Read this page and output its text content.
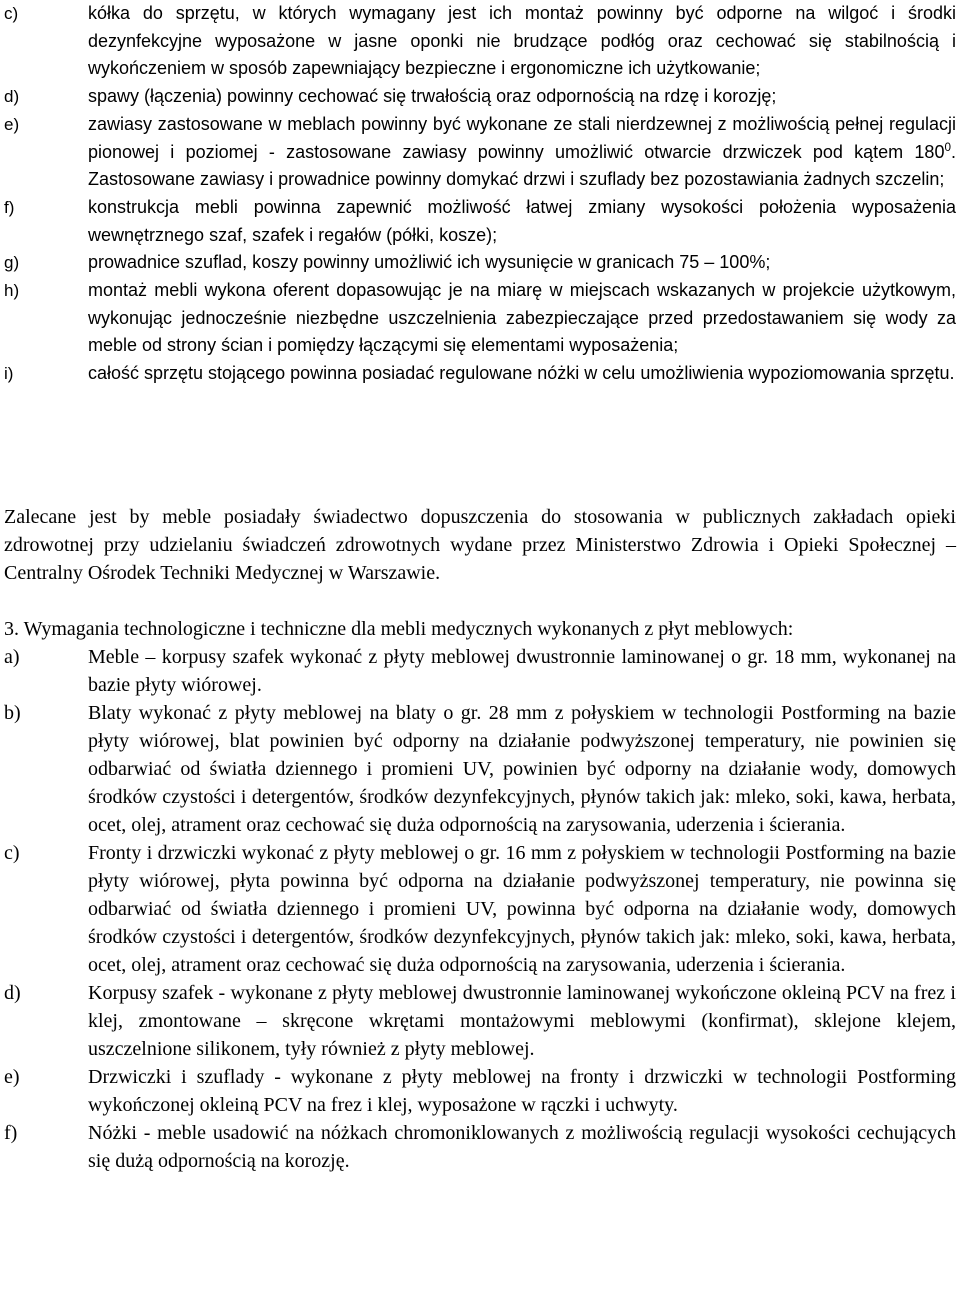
c)	kółka do sprzętu, w których wymagany jest ich montaż powinny być odporne na wilgoć i środki dezynfekcyjne wyposażone w jasne oponki nie brudzące podłóg oraz cechować się stabilnością i wykończeniem w sposób zapewniający bezpieczne i ergonomiczne ich użytkowanie;
d)	spawy (łączenia) powinny cechować się trwałością oraz odpornością na rdzę i korozję;
e)	zawiasy zastosowane w meblach powinny być wykonane ze stali nierdzewnej z możliwością pełnej regulacji pionowej i poziomej - zastosowane zawiasy powinny umożliwić otwarcie drzwiczek pod kątem $180^0$. Zastosowane zawiasy i prowadnice powinny domykać drzwi i szuflady bez pozostawiania żadnych szczelin;
f)	konstrukcja mebli powinna zapewnić możliwość łatwej zmiany wysokości położenia wyposażenia wewnętrznego szaf, szafek i regałów (półki, kosze);
g)	prowadnice szuflad, koszy powinny umożliwić ich wysunięcie w granicach 75 – 100%;
h)	montaż mebli wykona oferent dopasowując je na miarę w miejscach wskazanych w projekcie użytkowym, wykonując jednocześnie niezbędne uszczelnienia zabezpieczające przed przedostawaniem się wody za meble od strony ścian i pomiędzy łączącymi się elementami wyposażenia;
i)	całość sprzętu stojącego powinna posiadać regulowane nóżki w celu umożliwienia wypoziomowania sprzętu.
Zalecane jest by meble posiadały świadectwo dopuszczenia do stosowania w publicznych zakładach opieki zdrowotnej przy udzielaniu świadczeń zdrowotnych wydane przez Ministerstwo Zdrowia i Opieki Społecznej – Centralny Ośrodek Techniki Medycznej w Warszawie.
3. Wymagania technologiczne i techniczne dla mebli medycznych wykonanych z płyt meblowych:
a)	Meble – korpusy szafek wykonać z płyty meblowej dwustronnie laminowanej o gr. 18 mm, wykonanej na bazie płyty wiórowej.
b)	Blaty wykonać z płyty meblowej na blaty o gr. 28 mm z połyskiem w technologii Postforming na bazie płyty wiórowej, blat powinien być odporny na działanie podwyższonej temperatury, nie powinien się odbarwiać od światła dziennego i promieni UV, powinien być odporny na działanie wody, domowych środków czystości i detergentów, środków dezynfekcyjnych, płynów takich jak: mleko, soki, kawa, herbata, ocet, olej, atrament oraz cechować się duża odpornością na zarysowania, uderzenia i ścierania.
c)	Fronty i drzwiczki wykonać z płyty meblowej o gr. 16 mm z połyskiem w technologii Postforming na bazie płyty wiórowej, płyta powinna być odporna na działanie podwyższonej temperatury, nie powinna się odbarwiać od światła dziennego i promieni UV, powinna być odporna na działanie wody, domowych środków czystości i detergentów, środków dezynfekcyjnych, płynów takich jak: mleko, soki, kawa, herbata, ocet, olej, atrament oraz cechować się duża odpornością na zarysowania, uderzenia i ścierania.
d)	Korpusy szafek - wykonane z płyty meblowej dwustronnie laminowanej wykończone okleiną PCV na frez i klej, zmontowane – skręcone wkrętami montażowymi meblowymi (konfirmat), sklejone klejem, uszczelnione silikonem, tyły również z płyty meblowej.
e)	Drzwiczki i szuflady - wykonane z płyty meblowej na fronty i drzwiczki w technologii Postforming wykończonej okleiną PCV na frez i klej, wyposażone w rączki i uchwyty.
f)	Nóżki - meble usadowić na nóżkach chromoniklowanych z możliwością regulacji wysokości cechujących się dużą odpornością na korozję.
